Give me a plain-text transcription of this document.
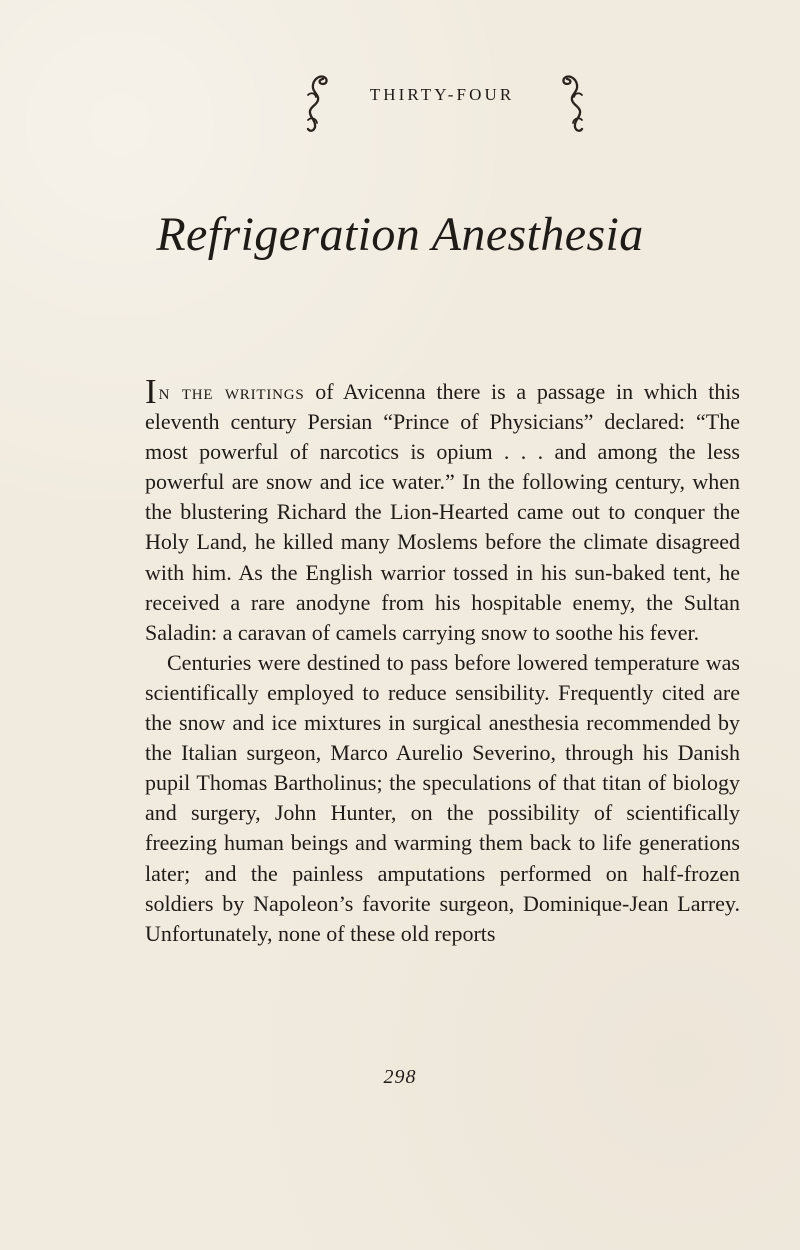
THIRTY-FOUR
Refrigeration Anesthesia

In the writings of Avicenna there is a passage in which this eleventh century Persian “Prince of Physicians” declared: “The most powerful of narcotics is opium . . . and among the less powerful are snow and ice water.” In the following century, when the blustering Richard the Lion-Hearted came out to conquer the Holy Land, he killed many Moslems before the climate disagreed with him. As the English warrior tossed in his sun-baked tent, he received a rare anodyne from his hospitable enemy, the Sultan Saladin: a caravan of camels carrying snow to soothe his fever.

Centuries were destined to pass before lowered temperature was scientifically employed to reduce sensibility. Frequently cited are the snow and ice mixtures in surgical anesthesia recommended by the Italian surgeon, Marco Aurelio Severino, through his Danish pupil Thomas Bartholinus; the speculations of that titan of biology and surgery, John Hunter, on the possibility of scientifically freezing human beings and warming them back to life generations later; and the painless amputations performed on half-frozen soldiers by Napoleon’s favorite surgeon, Dominique-Jean Larrey. Unfortunately, none of these old reports

298
